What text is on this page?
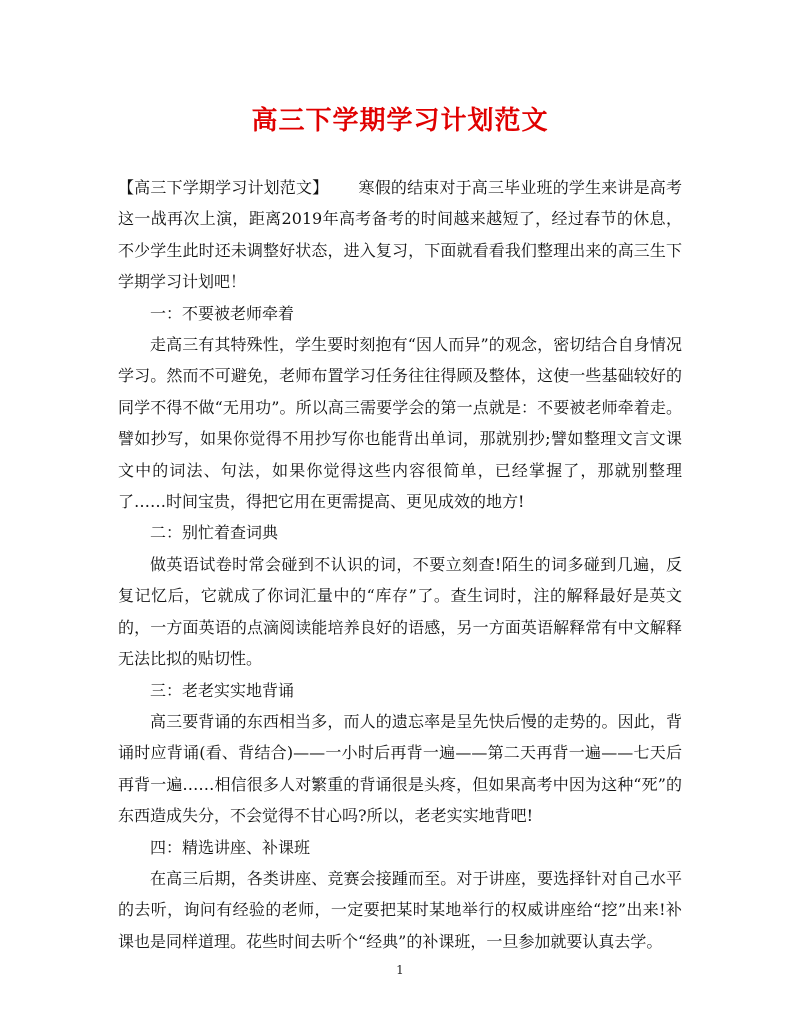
高三下学期学习计划范文

【高三下学期学习计划范文】 寒假的结束对于高三毕业班的学生来讲是高考这一战再次上演，距离2019年高考备考的时间越来越短了，经过春节的休息，不少学生此时还未调整好状态，进入复习，下面就看看我们整理出来的高三生下学期学习计划吧！

一：不要被老师牵着

走高三有其特殊性，学生要时刻抱有“因人而异”的观念，密切结合自身情况学习。然而不可避免，老师布置学习任务往往得顾及整体，这使一些基础较好的同学不得不做“无用功”。所以高三需要学会的第一点就是：不要被老师牵着走。譬如抄写，如果你觉得不用抄写你也能背出单词，那就别抄;譬如整理文言文课文中的词法、句法，如果你觉得这些内容很简单，已经掌握了，那就别整理了……时间宝贵，得把它用在更需提高、更见成效的地方!

二：别忙着查词典

做英语试卷时常会碰到不认识的词，不要立刻查!陌生的词多碰到几遍，反复记忆后，它就成了你词汇量中的“库存”了。查生词时，注的解释最好是英文的，一方面英语的点滴阅读能培养良好的语感，另一方面英语解释常有中文解释无法比拟的贴切性。

三：老老实实地背诵

高三要背诵的东西相当多，而人的遗忘率是呈先快后慢的走势的。因此，背诵时应背诵(看、背结合)——一小时后再背一遍——第二天再背一遍——七天后再背一遍……相信很多人对繁重的背诵很是头疼，但如果高考中因为这种“死”的东西造成失分，不会觉得不甘心吗?所以，老老实实地背吧!

四：精选讲座、补课班

在高三后期，各类讲座、竞赛会接踵而至。对于讲座，要选择针对自己水平的去听，询问有经验的老师，一定要把某时某地举行的权威讲座给“挖”出来!补课也是同样道理。花些时间去听个“经典”的补课班，一旦参加就要认真去学。

1
